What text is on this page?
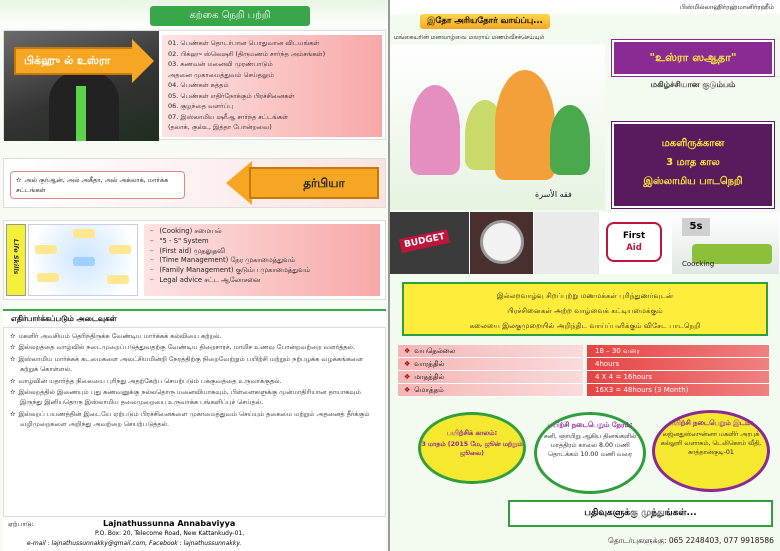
கற்கை நெறி பற்றி
பிக்ஹு ல் உஸ்ரா
01. பெண்கள் தொடர்பான பொதுவான விடயங்கள்
02. பிக்ஹு ஸ்லெஷரி (திருமணம் சார்ந்த அம்சங்கள்)
03. கணவன் மனைவி முரண்பாடும்
அதனை முகாமைத்துவம் செய்தலும்
04. பெண்கள் சுத்தம்
05. பெண்கள் எதிர்நோக்கும் பிரச்சினைகள்
06. குழந்தை வளர்ப்பு
07. இஸ்லாமிய ஷரீஆ சார்ந்த சட்டங்கள்
(தலாக், குல்உ, இத்தா போன்றவை)
✫ அல் குர்ஆன், அல் அகீதா, அல் அக்லாக், மார்க்க சட்டங்கள்	தர்பியா
Life Skills
– (Cooking) சமையல்
– "5 - S" System
– (First aid) முதலுதவி
– (Time Management) நேர முகாமைத்துவம்
– (Family Management) குடும்ப முகாமைத்துவம்
– Legal advice சட்ட ஆலோசனை
எதிர்பார்க்கப்படும் அடைவுகள்
✫ மகளிர் அவசியம் தெரிந்திருக்க வேண்டிய மார்க்கக் கல்வியை கற்றல்.
✫ இல்லறத்தை வாழ்வில் நடைமுறைப்படுத்துவதற்கு வேண்டிய திறைசாரச், மாமிச உணவு போன்றவற்றை வளர்த்தல்.
✫ இஸ்லாமிய மார்க்கக் கடமைகளை அலட்சியமின்றி நேரத்திற்கு நிறைவேற்றும் பயிற்சி மற்றும் நற்பழக்க வழக்கங்களை கற்றுக் கொள்ளல்.
✫ வாழ்வின் யதார்த்த நிலையை புரிந்து அதற்கேற்ப செயற்படும் பக்குவத்தை உருவாக்குதல்.
✫ இல்லறத்தில் இணையும் புது கணவனுக்கு நல்லதொரு மனைவியாகவும், பிள்ளைகளுக்கு முன்மாதிரியான தாயாகவும் இருந்து இனியதொரு இஸ்லாமிய தலைமுறையை உருவாக்க பங்களிப்புச் செய்தல்.
✫ இல்லறப் பயணத்தின் இடையே ஏற்படும் பிரச்சினைகளை முகாமைத்துவம் செய்யும் தகைமை மற்றும் அதனைத் தீர்க்கும் வழிமுறைகளை அறிந்து அவற்றை செயற்படுத்தல்.
ஏற்பாடு:	Lajnathussunna Annabaviyya
P.O. Box: 20, Telecome Road, New Kattankudy-01,
e-mail : lajnathussunnakky@gmail.com, Facebook : lajnathussunnakky.
பிஸ்மில்லாஹிர்ரஹ்மானிர்ரஹீம்
இதோ அரியதோர் வாய்ப்பு...
மங்கையரின் மனவாழ்வை மலராய் மணம்வீசச்செய்யும்
فقه الأسرة
"உஸ்ரா ஸஆதா"
மகிழ்ச்சியான குடும்பம்
மகளிருக்கான
3 மாத கால
இஸ்லாமிய பாடநெறி
BUDGET	First
Aid
5s
Coocking
இல்லறவாழ்வு சிறப்புற்று மணமக்கள் புரிந்துணர்வுடன்
பிரச்சினைகள் அற்ற வாழ்வைக் கட்டியமைக்கும்
கலையை இலகுமுறையில் அறிந்திட வாய்ப்பளிக்கும் விசேட பாடநெறி
❖ வயதெல்லை	18 – 30 வரை
❖ வாரத்தில்	4hours
❖ மாதத்தில்	4 X 4 = 16hours
❖ மொத்தம்	16X3 = 48hours (3 Month)
பயிற்சிக் காலம்:
3 மாதம் (2015 மே, ஜூன் மற்றும் ஜூலை)
பயிற்சி நடைபெறும் நேரம்:
சனி, ஞாயிறு ஆகிய தினங்களில் மாத்திரம் காலை 8.00 மணி தொடக்கம் 10.00 மணி வரை
பயிற்சி நடைபெறும் இடம்:
லஜ்னதுஸ்ஸுன்னா மகளிர் அரபுக் கல்லூரி வளாகம், டெலிகொம் வீதி, காத்தான்குடி-01
பதிவுகளுக்கு முந்துங்கள்...
தொடர்புகளுக்கு: 065 2248403, 077 9918586
